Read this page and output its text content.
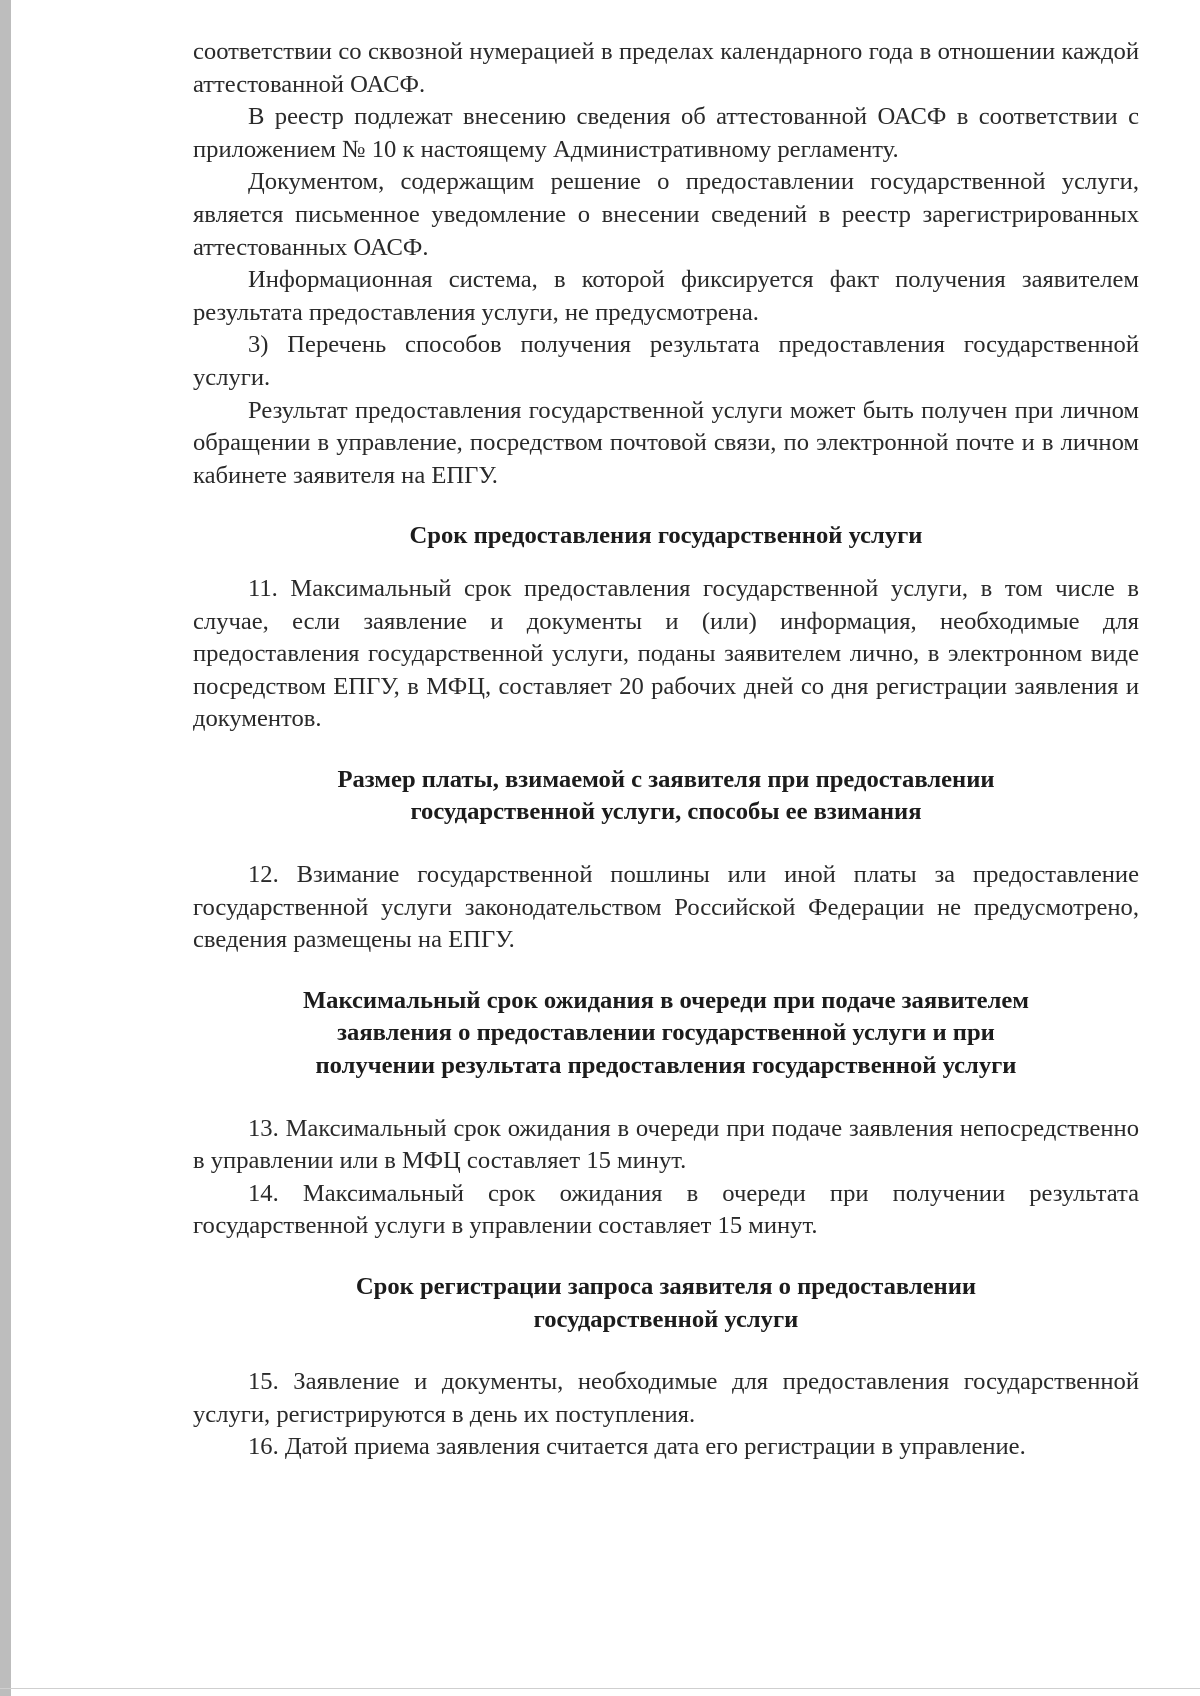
соответствии со сквозной нумерацией в пределах календарного года в отношении каждой аттестованной ОАСФ.

В реестр подлежат внесению сведения об аттестованной ОАСФ в соответствии с приложением № 10 к настоящему Административному регламенту.

Документом, содержащим решение о предоставлении государственной услуги, является письменное уведомление о внесении сведений в реестр зарегистрированных аттестованных ОАСФ.

Информационная система, в которой фиксируется факт получения заявителем результата предоставления услуги, не предусмотрена.

3) Перечень способов получения результата предоставления государственной услуги.

Результат предоставления государственной услуги может быть получен при личном обращении в управление, посредством почтовой связи, по электронной почте и в личном кабинете заявителя на ЕПГУ.

Срок предоставления государственной услуги

11. Максимальный срок предоставления государственной услуги, в том числе в случае, если заявление и документы и (или) информация, необходимые для предоставления государственной услуги, поданы заявителем лично, в электронном виде посредством ЕПГУ, в МФЦ, составляет 20 рабочих дней со дня регистрации заявления и документов.

Размер платы, взимаемой с заявителя при предоставлении
государственной услуги, способы ее взимания

12. Взимание государственной пошлины или иной платы за предоставление государственной услуги законодательством Российской Федерации не предусмотрено, сведения размещены на ЕПГУ.

Максимальный срок ожидания в очереди при подаче заявителем
заявления о предоставлении государственной услуги и при
получении результата предоставления государственной услуги

13. Максимальный срок ожидания в очереди при подаче заявления непосредственно в управлении или в МФЦ составляет 15 минут.

14. Максимальный срок ожидания в очереди при получении результата государственной услуги в управлении составляет 15 минут.

Срок регистрации запроса заявителя о предоставлении
государственной услуги

15. Заявление и документы, необходимые для предоставления государственной услуги, регистрируются в день их поступления.

16. Датой приема заявления считается дата его регистрации в управление.
